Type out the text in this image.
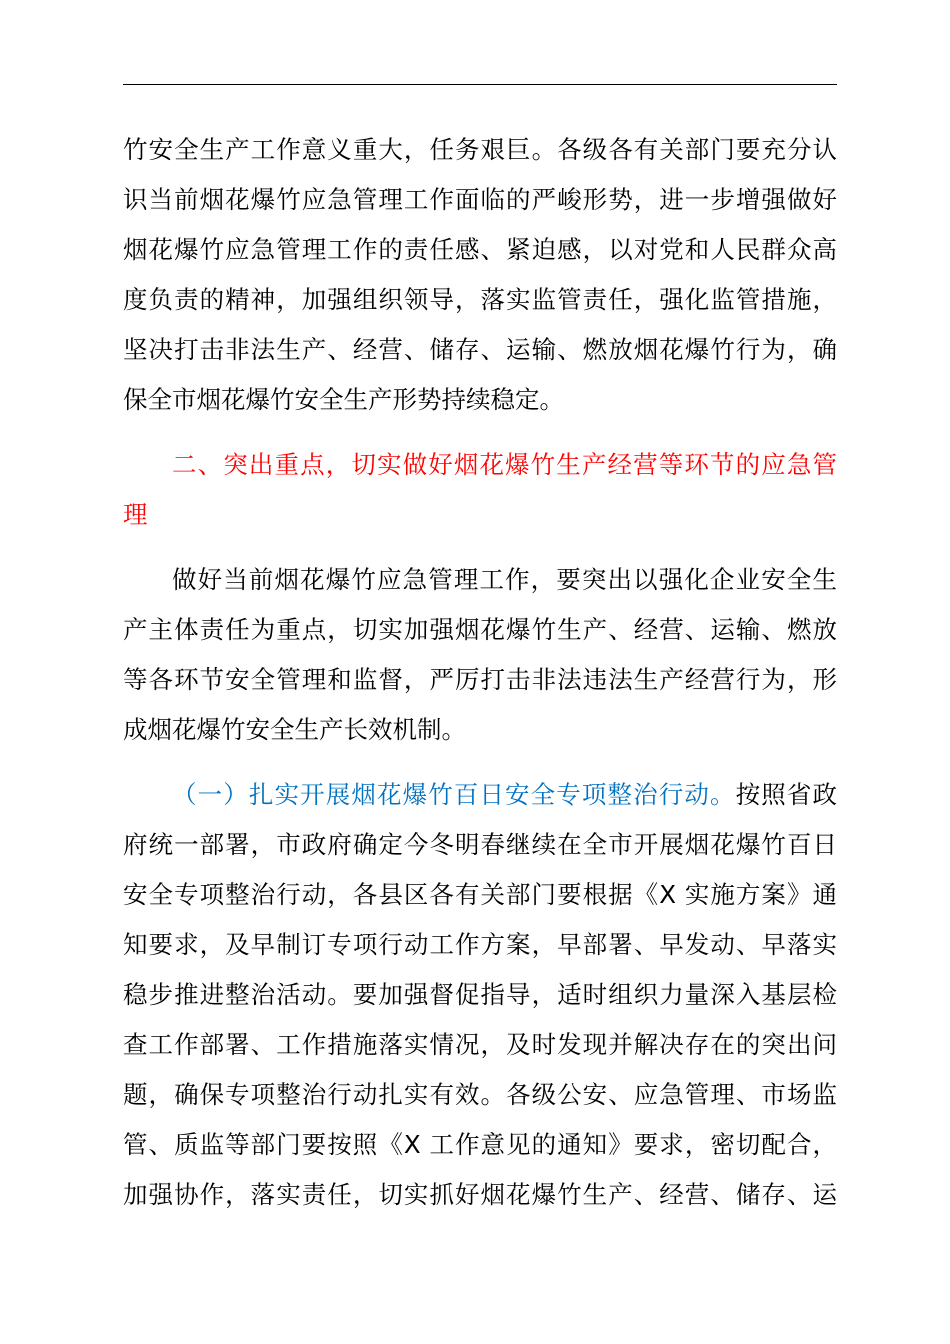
竹安全生产工作意义重大，任务艰巨。各级各有关部门要充分认
识当前烟花爆竹应急管理工作面临的严峻形势，进一步增强做好
烟花爆竹应急管理工作的责任感、紧迫感，以对党和人民群众高
度负责的精神，加强组织领导，落实监管责任，强化监管措施，
坚决打击非法生产、经营、储存、运输、燃放烟花爆竹行为，确
保全市烟花爆竹安全生产形势持续稳定。
二、突出重点，切实做好烟花爆竹生产经营等环节的应急管
理
做好当前烟花爆竹应急管理工作，要突出以强化企业安全生
产主体责任为重点，切实加强烟花爆竹生产、经营、运输、燃放
等各环节安全管理和监督，严厉打击非法违法生产经营行为，形
成烟花爆竹安全生产长效机制。
（一）扎实开展烟花爆竹百日安全专项整治行动。按照省政
府统一部署，市政府确定今冬明春继续在全市开展烟花爆竹百日
安全专项整治行动，各县区各有关部门要根据《X 实施方案》通
知要求，及早制订专项行动工作方案，早部署、早发动、早落实
稳步推进整治活动。要加强督促指导，适时组织力量深入基层检
查工作部署、工作措施落实情况，及时发现并解决存在的突出问
题，确保专项整治行动扎实有效。各级公安、应急管理、市场监
管、质监等部门要按照《X 工作意见的通知》要求，密切配合，
加强协作，落实责任，切实抓好烟花爆竹生产、经营、储存、运
